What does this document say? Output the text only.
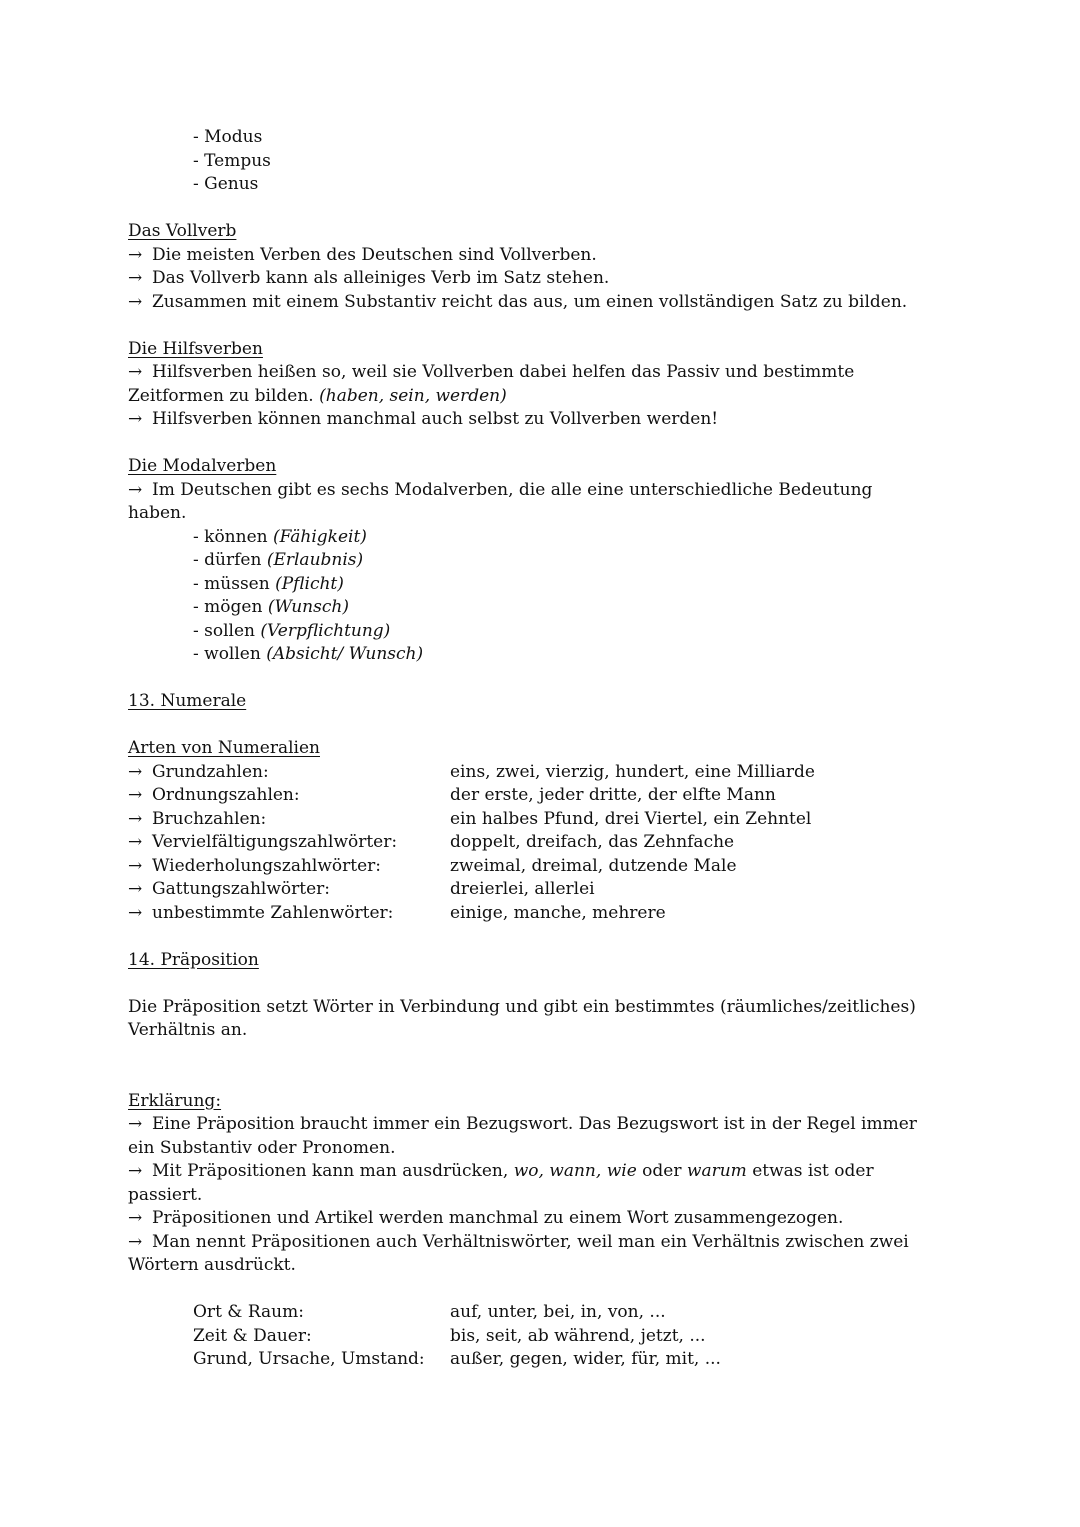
- Modus

- Tempus

- Genus

Das Vollverb

→ Die meisten Verben des Deutschen sind Vollverben.

→ Das Vollverb kann als alleiniges Verb im Satz stehen.

→ Zusammen mit einem Substantiv reicht das aus, um einen vollständigen Satz zu bilden.

Die Hilfsverben

→ Hilfsverben heißen so, weil sie Vollverben dabei helfen das Passiv und bestimmte

Zeitformen zu bilden. (haben, sein, werden)

→ Hilfsverben können manchmal auch selbst zu Vollverben werden!

Die Modalverben

→ Im Deutschen gibt es sechs Modalverben, die alle eine unterschiedliche Bedeutung

haben.

- können (Fähigkeit)

- dürfen (Erlaubnis)

- müssen (Pflicht)

- mögen (Wunsch)

- sollen (Verpflichtung)

- wollen (Absicht/ Wunsch)

13. Numerale

Arten von Numeralien

→ Grundzahlen:	eins, zwei, vierzig, hundert, eine Milliarde
→ Ordnungszahlen:	der erste, jeder dritte, der elfte Mann
→ Bruchzahlen:	ein halbes Pfund, drei Viertel, ein Zehntel
→ Vervielfältigungszahlwörter:	doppelt, dreifach, das Zehnfache
→ Wiederholungszahlwörter:	zweimal, dreimal, dutzende Male
→ Gattungszahlwörter:	dreierlei, allerlei
→ unbestimmte Zahlenwörter:	einige, manche, mehrere

14. Präposition

Die Präposition setzt Wörter in Verbindung und gibt ein bestimmtes (räumliches/zeitliches)

Verhältnis an.

Erklärung:

→ Eine Präposition braucht immer ein Bezugswort. Das Bezugswort ist in der Regel immer

ein Substantiv oder Pronomen.

→ Mit Präpositionen kann man ausdrücken, wo, wann, wie oder warum etwas ist oder

passiert.

→ Präpositionen und Artikel werden manchmal zu einem Wort zusammengezogen.

→ Man nennt Präpositionen auch Verhältniswörter, weil man ein Verhältnis zwischen zwei

Wörtern ausdrückt.

Ort & Raum:	auf, unter, bei, in, von, ...
Zeit & Dauer:	bis, seit, ab während, jetzt, ...
Grund, Ursache, Umstand:	außer, gegen, wider, für, mit, ...
